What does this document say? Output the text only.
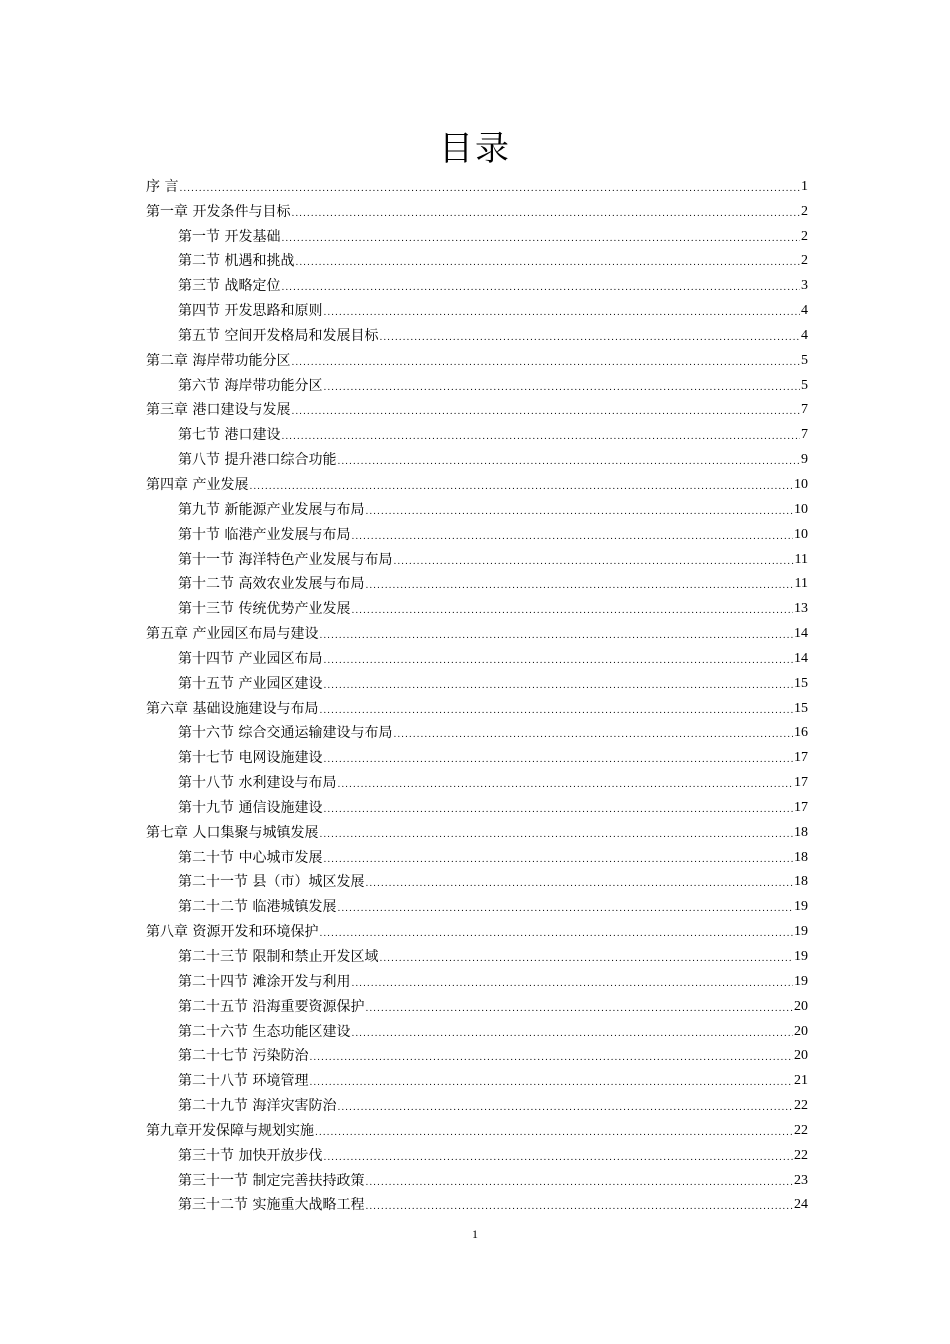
目录
序 言 .....	1
第一章 开发条件与目标 .....	2
第一节 开发基础 .....	2
第二节 机遇和挑战 .....	2
第三节 战略定位 .....	3
第四节 开发思路和原则 .....	4
第五节 空间开发格局和发展目标 .....	4
第二章 海岸带功能分区 .....	5
第六节 海岸带功能分区 .....	5
第三章 港口建设与发展 .....	7
第七节 港口建设 .....	7
第八节 提升港口综合功能 .....	9
第四章 产业发展 .....	10
第九节 新能源产业发展与布局 .....	10
第十节 临港产业发展与布局 .....	10
第十一节 海洋特色产业发展与布局 .....	11
第十二节 高效农业发展与布局 .....	11
第十三节 传统优势产业发展 .....	13
第五章 产业园区布局与建设 .....	14
第十四节 产业园区布局 .....	14
第十五节 产业园区建设 .....	15
第六章 基础设施建设与布局 .....	15
第十六节 综合交通运输建设与布局 .....	16
第十七节 电网设施建设 .....	17
第十八节 水利建设与布局 .....	17
第十九节 通信设施建设 .....	17
第七章 人口集聚与城镇发展 .....	18
第二十节 中心城市发展 .....	18
第二十一节 县（市）城区发展 .....	18
第二十二节 临港城镇发展 .....	19
第八章 资源开发和环境保护 .....	19
第二十三节 限制和禁止开发区域 .....	19
第二十四节 滩涂开发与利用 .....	19
第二十五节 沿海重要资源保护 .....	20
第二十六节 生态功能区建设 .....	20
第二十七节 污染防治 .....	20
第二十八节 环境管理 .....	21
第二十九节 海洋灾害防治 .....	22
第九章开发保障与规划实施 .....	22
第三十节 加快开放步伐 .....	22
第三十一节 制定完善扶持政策 .....	23
第三十二节 实施重大战略工程 .....	24
1
